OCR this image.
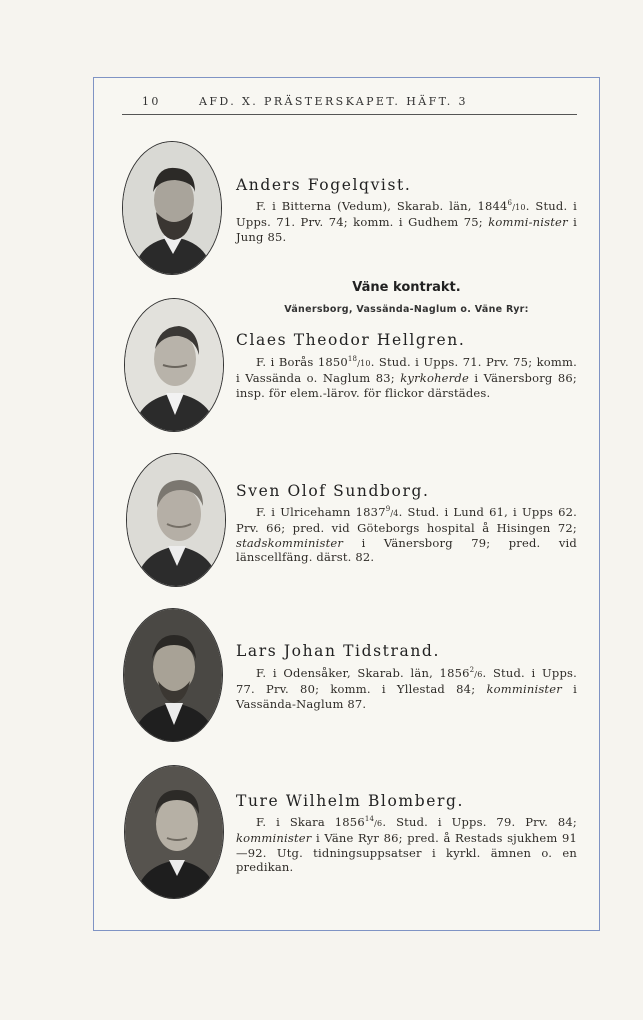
10	AFD. X. PRÄSTERSKAPET. HÄFT. 3
Anders Fogelqvist.
F. i Bitterna (Vedum), Skarab. län, 1844$^6$/10. Stud. i Upps. 71. Prv. 74; komm. i Gudhem 75; kommi-nister i Jung 85.
Väne kontrakt.
Vänersborg, Vassända-Naglum o. Väne Ryr:
Claes Theodor Hellgren.
F. i Borås 1850$^{18}$/10. Stud. i Upps. 71. Prv. 75; komm. i Vassända o. Naglum 83; kyrkoherde i Vänersborg 86; insp. för elem.-lärov. för flickor därstädes.
Sven Olof Sundborg.
F. i Ulricehamn 1837$^9$/4. Stud. i Lund 61, i Upps 62. Prv. 66; pred. vid Göteborgs hospital å Hisingen 72; stadskomminister i Vänersborg 79; pred. vid länscellfäng. därst. 82.
Lars Johan Tidstrand.
F. i Odensåker, Skarab. län, 1856$^2$/6. Stud. i Upps. 77. Prv. 80; komm. i Yllestad 84; komminister i Vassända-Naglum 87.
Ture Wilhelm Blomberg.
F. i Skara 1856$^{14}$/6. Stud. i Upps. 79. Prv. 84; komminister i Väne Ryr 86; pred. å Restads sjukhem 91—92. Utg. tidningsuppsatser i kyrkl. ämnen o. en predikan.
